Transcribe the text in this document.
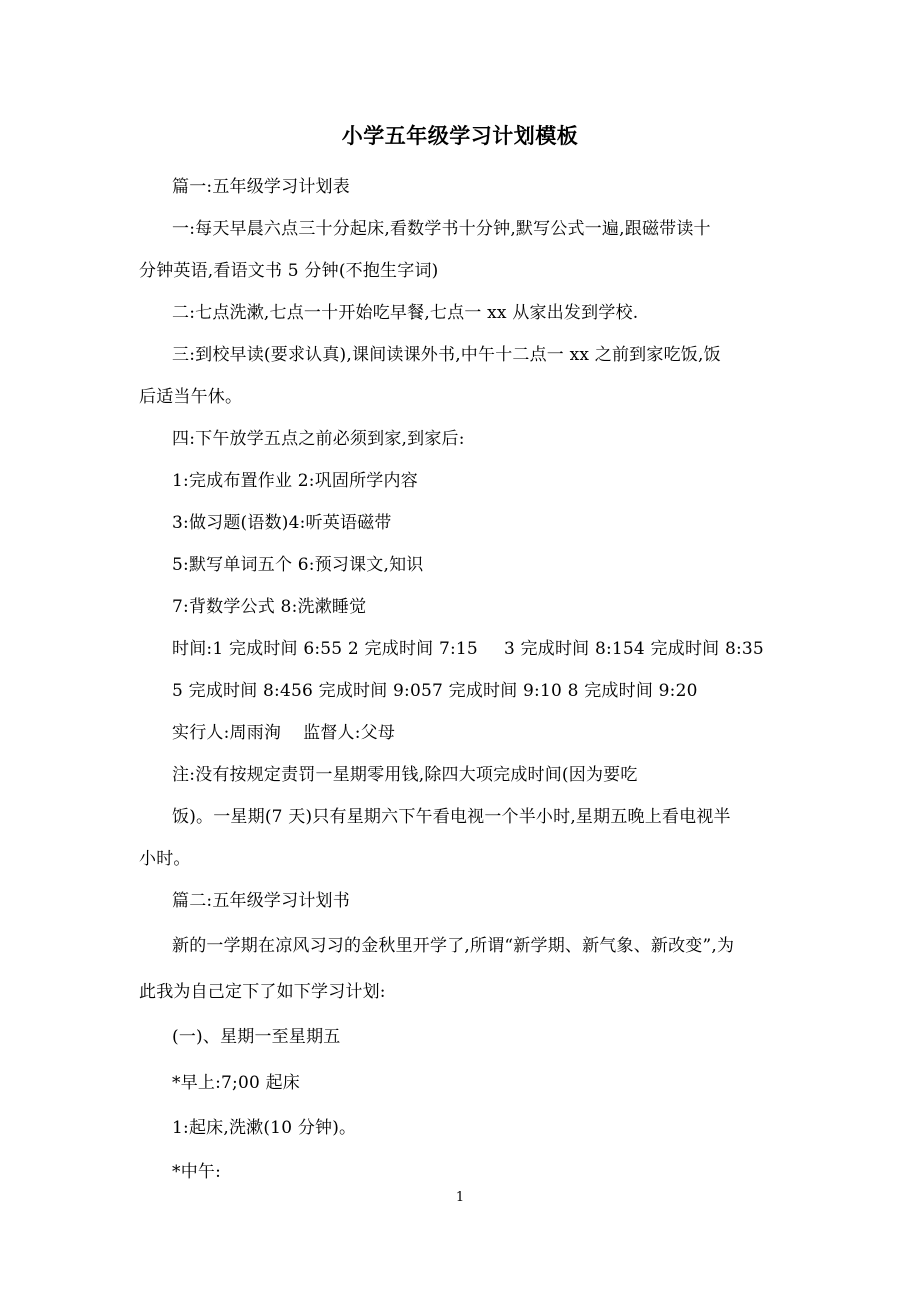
小学五年级学习计划模板
篇一:五年级学习计划表
一:每天早晨六点三十分起床,看数学书十分钟,默写公式一遍,跟磁带读十
分钟英语,看语文书 5 分钟(不抱生字词)
二:七点洗漱,七点一十开始吃早餐,七点一 xx 从家出发到学校.
三:到校早读(要求认真),课间读课外书,中午十二点一 xx 之前到家吃饭,饭
后适当午休。
四:下午放学五点之前必须到家,到家后:
1:完成布置作业 2:巩固所学内容
3:做习题(语数)4:听英语磁带
5:默写单词五个 6:预习课文,知识
7:背数学公式 8:洗漱睡觉
时间:1 完成时间 6:55 2 完成时间 7:15 3 完成时间 8:154 完成时间 8:35
5 完成时间 8:456 完成时间 9:057 完成时间 9:10 8 完成时间 9:20
实行人:周雨洵 监督人:父母
注:没有按规定责罚一星期零用钱,除四大项完成时间(因为要吃
饭)。一星期(7 天)只有星期六下午看电视一个半小时,星期五晚上看电视半
小时。
篇二:五年级学习计划书
新的一学期在凉风习习的金秋里开学了,所谓“新学期、新气象、新改变”,为
此我为自己定下了如下学习计划:
(一)、星期一至星期五
*早上:7;00 起床
1:起床,洗漱(10 分钟)。
*中午:
1
